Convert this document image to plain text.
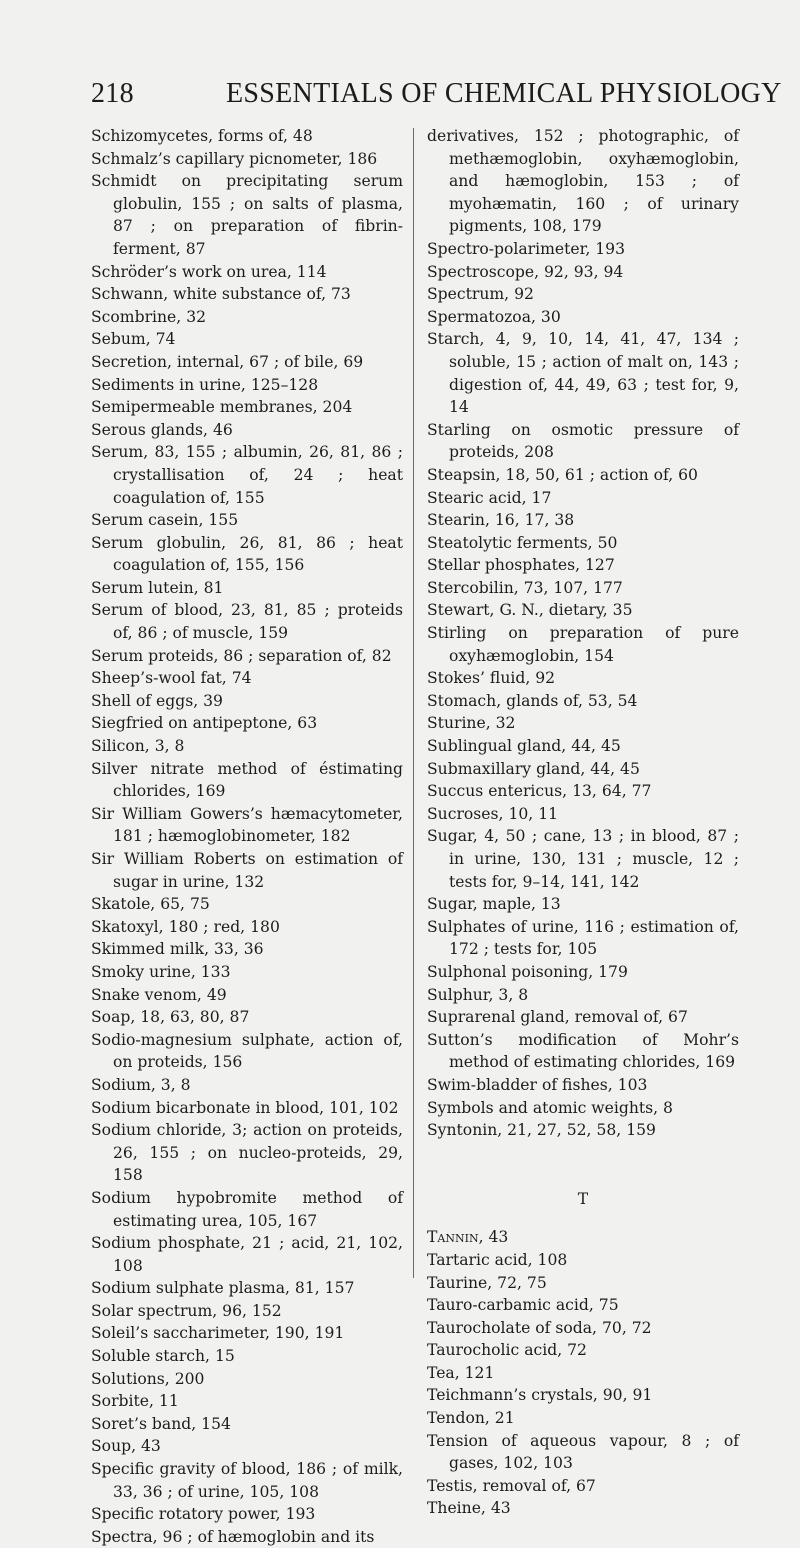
218	ESSENTIALS OF CHEMICAL PHYSIOLOGY
Schizomycetes, forms of, 48
Schmalz’s capillary picnometer, 186
Schmidt on precipitating serum globulin, 155 ; on salts of plasma, 87 ; on preparation of fibrin-ferment, 87
Schröder’s work on urea, 114
Schwann, white substance of, 73
Scombrine, 32
Sebum, 74
Secretion, internal, 67 ; of bile, 69
Sediments in urine, 125–128
Semipermeable membranes, 204
Serous glands, 46
Serum, 83, 155 ; albumin, 26, 81, 86 ; crystallisation of, 24 ; heat coagulation of, 155
Serum casein, 155
Serum globulin, 26, 81, 86 ; heat coagulation of, 155, 156
Serum lutein, 81
Serum of blood, 23, 81, 85 ; proteids of, 86 ; of muscle, 159
Serum proteids, 86 ; separation of, 82
Sheep’s-wool fat, 74
Shell of eggs, 39
Siegfried on antipeptone, 63
Silicon, 3, 8
Silver nitrate method of éstimating chlorides, 169
Sir William Gowers’s hæmacytometer, 181 ; hæmoglobinometer, 182
Sir William Roberts on estimation of sugar in urine, 132
Skatole, 65, 75
Skatoxyl, 180 ; red, 180
Skimmed milk, 33, 36
Smoky urine, 133
Snake venom, 49
Soap, 18, 63, 80, 87
Sodio-magnesium sulphate, action of, on proteids, 156
Sodium, 3, 8
Sodium bicarbonate in blood, 101, 102
Sodium chloride, 3; action on proteids, 26, 155 ; on nucleo-proteids, 29, 158
Sodium hypobromite method of estimating urea, 105, 167
Sodium phosphate, 21 ; acid, 21, 102, 108
Sodium sulphate plasma, 81, 157
Solar spectrum, 96, 152
Soleil’s saccharimeter, 190, 191
Soluble starch, 15
Solutions, 200
Sorbite, 11
Soret’s band, 154
Soup, 43
Specific gravity of blood, 186 ; of milk, 33, 36 ; of urine, 105, 108
Specific rotatory power, 193
Spectra, 96 ; of hæmoglobin and its
derivatives, 152 ; photographic, of methæmoglobin, oxyhæmoglobin, and hæmoglobin, 153 ; of myohæmatin, 160 ; of urinary pigments, 108, 179
Spectro-polarimeter, 193
Spectroscope, 92, 93, 94
Spectrum, 92
Spermatozoa, 30
Starch, 4, 9, 10, 14, 41, 47, 134 ; soluble, 15 ; action of malt on, 143 ; digestion of, 44, 49, 63 ; test for, 9, 14
Starling on osmotic pressure of proteids, 208
Steapsin, 18, 50, 61 ; action of, 60
Stearic acid, 17
Stearin, 16, 17, 38
Steatolytic ferments, 50
Stellar phosphates, 127
Stercobilin, 73, 107, 177
Stewart, G. N., dietary, 35
Stirling on preparation of pure oxyhæmoglobin, 154
Stokes’ fluid, 92
Stomach, glands of, 53, 54
Sturine, 32
Sublingual gland, 44, 45
Submaxillary gland, 44, 45
Succus entericus, 13, 64, 77
Sucroses, 10, 11
Sugar, 4, 50 ; cane, 13 ; in blood, 87 ; in urine, 130, 131 ; muscle, 12 ; tests for, 9–14, 141, 142
Sugar, maple, 13
Sulphates of urine, 116 ; estimation of, 172 ; tests for, 105
Sulphonal poisoning, 179
Sulphur, 3, 8
Suprarenal gland, removal of, 67
Sutton’s modification of Mohr’s method of estimating chlorides, 169
Swim-bladder of fishes, 103
Symbols and atomic weights, 8
Syntonin, 21, 27, 52, 58, 159
T
Tannin, 43
Tartaric acid, 108
Taurine, 72, 75
Tauro-carbamic acid, 75
Taurocholate of soda, 70, 72
Taurocholic acid, 72
Tea, 121
Teichmann’s crystals, 90, 91
Tendon, 21
Tension of aqueous vapour, 8 ; of gases, 102, 103
Testis, removal of, 67
Theine, 43
